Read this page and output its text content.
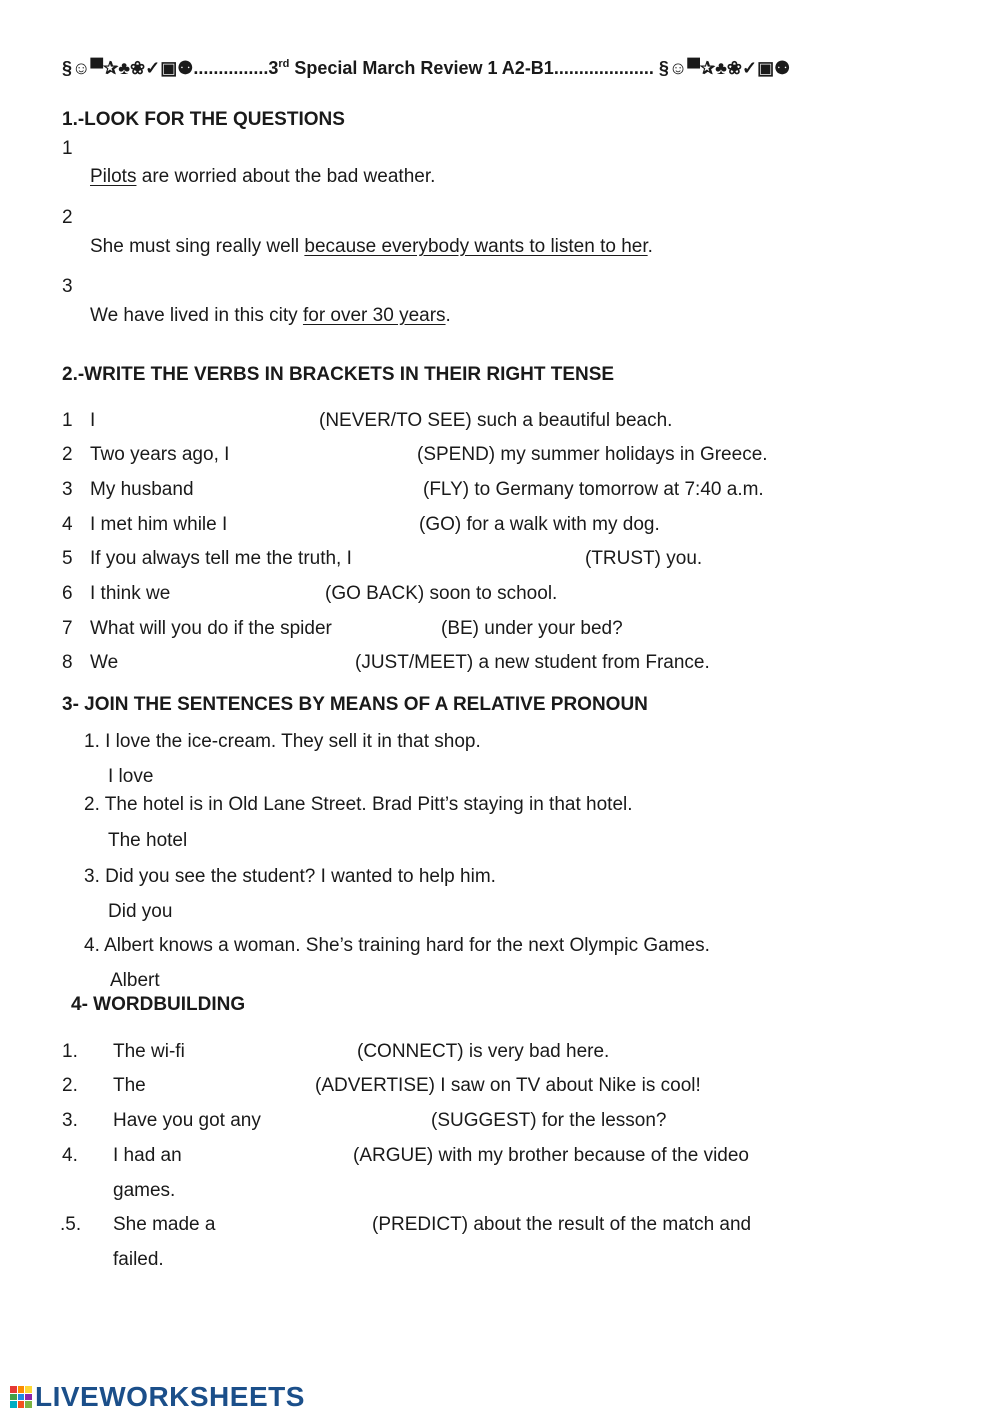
§☺▀✰♣❀✓▣⚉...............3rd Special March Review 1 A2-B1.................... §☺▀✰♣❀✓▣⚉
1.-LOOK FOR THE QUESTIONS
1
Pilots are worried about the bad weather.
2
She must sing really well because everybody wants to listen to her.
3
We have lived in this city for over 30 years.
2.-WRITE THE VERBS IN BRACKETS IN THEIR RIGHT TENSE
1 I	(NEVER/TO SEE) such a beautiful beach.
2 Two years ago, I	(SPEND) my summer holidays in Greece.
3 My husband	(FLY) to Germany tomorrow at 7:40 a.m.
4 I met him while I	(GO) for a walk with my dog.
5 If you always tell me the truth, I	(TRUST) you.
6 I think we	(GO BACK) soon to school.
7 What will you do if the spider	(BE) under your bed?
8 We	(JUST/MEET) a new student from France.
3- JOIN THE SENTENCES BY MEANS OF A RELATIVE PRONOUN
1. I love the ice-cream. They sell it in that shop.
I love
2. The hotel is in Old Lane Street. Brad Pitt’s staying in that hotel.
The hotel
3. Did you see the student? I wanted to help him.
Did you
4. Albert knows a woman. She’s training hard for the next Olympic Games.
Albert
4- WORDBUILDING
1. The wi-fi	(CONNECT) is very bad here.
2. The	(ADVERTISE) I saw on TV about Nike is cool!
3. Have you got any	(SUGGEST) for the lesson?
4. I had an	(ARGUE) with my brother because of the video
games.
.5. She made a	(PREDICT) about the result of the match and
failed.
LIVEWORKSHEETS
